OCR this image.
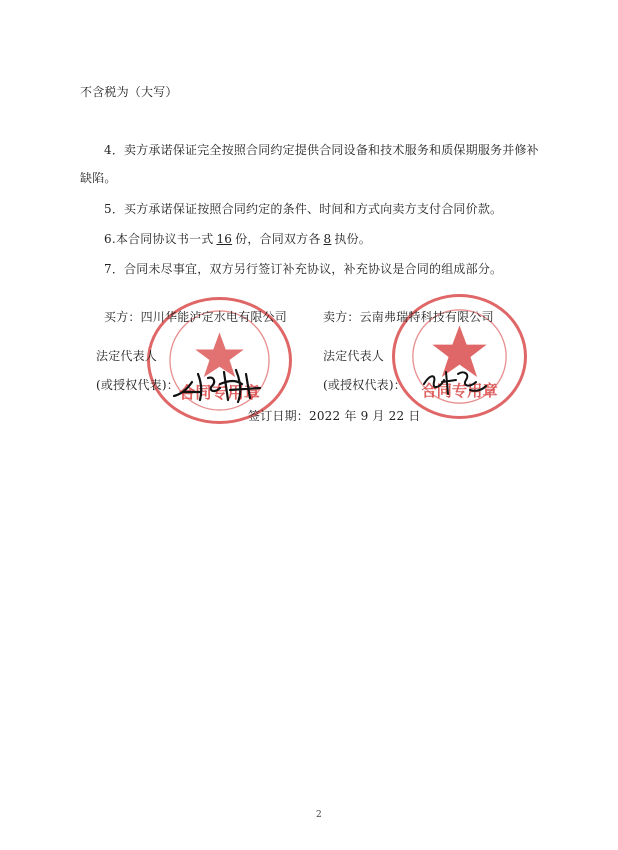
不含税为（大写）
4．卖方承诺保证完全按照合同约定提供合同设备和技术服务和质保期服务并修补
缺陷。
5．买方承诺保证按照合同约定的条件、时间和方式向卖方支付合同价款。
6.本合同协议书一式 16 份，合同双方各 8 执份。
7．合同未尽事宜，双方另行签订补充协议，补充协议是合同的组成部分。
合同专用章	合同专用章
买方：四川华能泸定水电有限公司	卖方：云南弗瑞特科技有限公司
法定代表人	法定代表人
(或授权代表)：	(或授权代表)：
签订日期：2022 年 9 月 22 日
2
